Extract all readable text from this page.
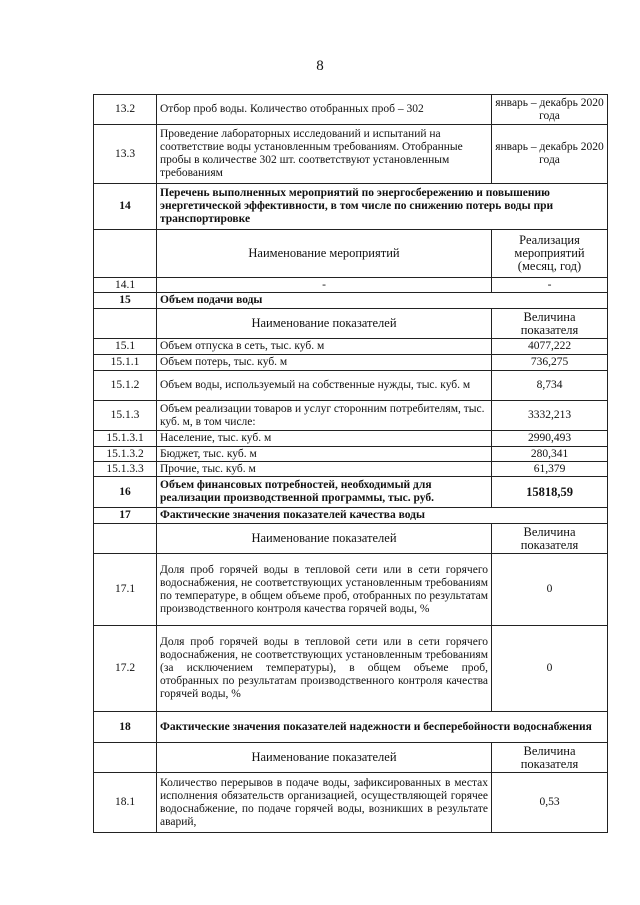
8
13.2	Отбор проб воды. Количество отобранных проб – 302	январь – декабрь 2020 года
13.3	Проведение лабораторных исследований и испытаний на соответствие воды установленным требованиям. Отобранные пробы в количестве 302 шт. соответствуют установленным требованиям	январь – декабрь 2020 года
14	Перечень выполненных мероприятий по энергосбережению и повышению энергетической эффективности, в том числе по снижению потерь воды при транспортировке	
	Наименование мероприятий	Реализация мероприятий (месяц, год)
14.1	-	-
15	Объем подачи воды	
	Наименование показателей	Величина показателя
15.1	Объем отпуска в сеть, тыс. куб. м	4077,222
15.1.1	Объем потерь, тыс. куб. м	736,275
15.1.2	Объем воды, используемый на собственные нужды, тыс. куб. м	8,734
15.1.3	Объем реализации товаров и услуг сторонним потребителям, тыс. куб. м, в том числе:	3332,213
15.1.3.1	Население, тыс. куб. м	2990,493
15.1.3.2	Бюджет, тыс. куб. м	280,341
15.1.3.3	Прочие, тыс. куб. м	61,379
16	Объем финансовых потребностей, необходимый для реализации производственной программы, тыс. руб.	15818,59
17	Фактические значения показателей качества воды	
	Наименование показателей	Величина показателя
17.1	Доля проб горячей воды в тепловой сети или в сети горячего водоснабжения, не соответствующих установленным требованиям по температуре, в общем объеме проб, отобранных по результатам производственного контроля качества горячей воды, %	0
17.2	Доля проб горячей воды в тепловой сети или в сети горячего водоснабжения, не соответствующих установленным требованиям (за исключением температуры), в общем объеме проб, отобранных по результатам производственного контроля качества горячей воды, %	0
18	Фактические значения показателей надежности и бесперебойности водоснабжения	
	Наименование показателей	Величина показателя
18.1	Количество перерывов в подаче воды, зафиксированных в местах исполнения обязательств организацией, осуществляющей горячее водоснабжение, по подаче горячей воды, возникших в результате аварий,	0,53
